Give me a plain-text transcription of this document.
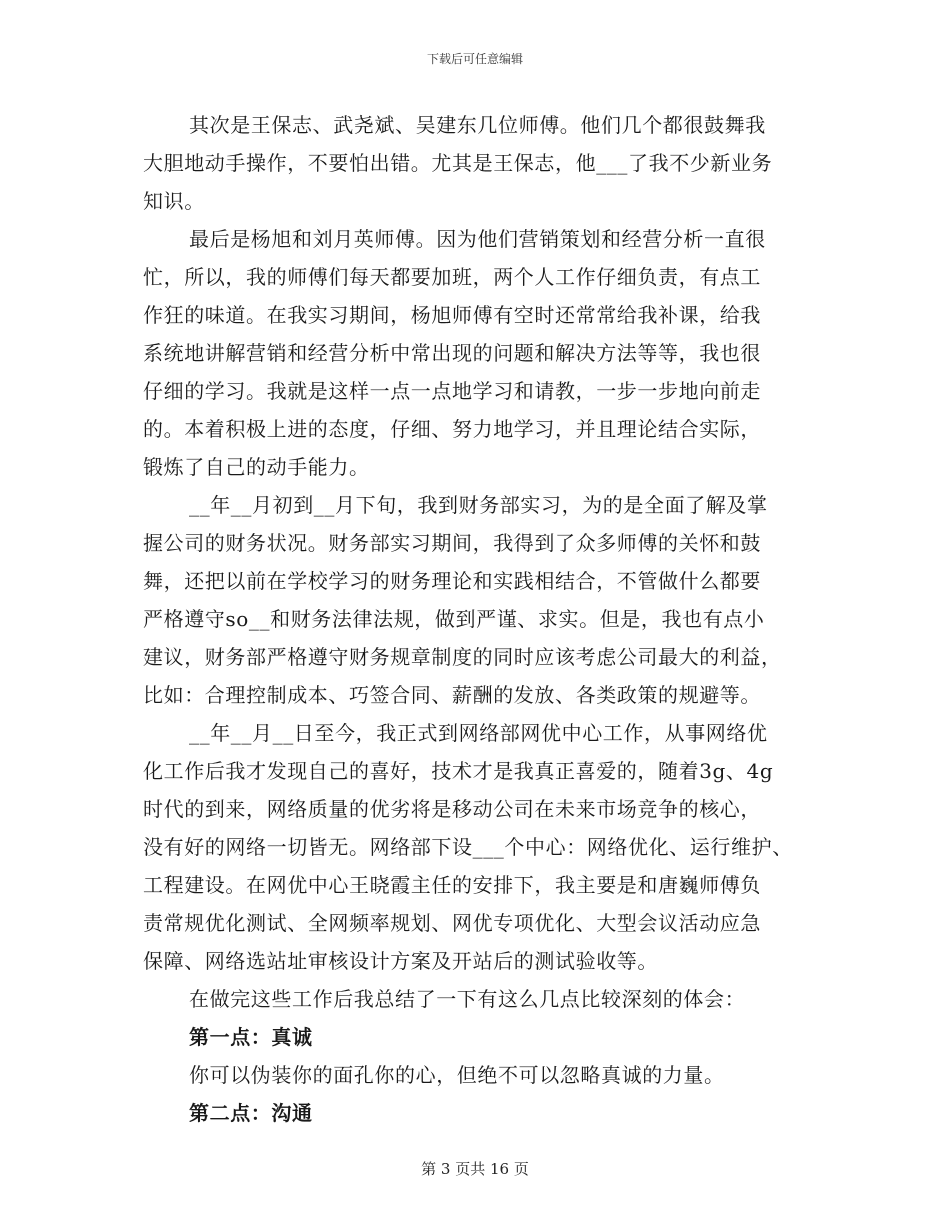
下载后可任意编辑
其次是王保志、武尧斌、吴建东几位师傅。他们几个都很鼓舞我
大胆地动手操作，不要怕出错。尤其是王保志，他___了我不少新业务
知识。
最后是杨旭和刘月英师傅。因为他们营销策划和经营分析一直很
忙，所以，我的师傅们每天都要加班，两个人工作仔细负责，有点工
作狂的味道。在我实习期间，杨旭师傅有空时还常常给我补课，给我
系统地讲解营销和经营分析中常出现的问题和解决方法等等，我也很
仔细的学习。我就是这样一点一点地学习和请教，一步一步地向前走
的。本着积极上进的态度，仔细、努力地学习，并且理论结合实际，
锻炼了自己的动手能力。
__年__月初到__月下旬，我到财务部实习，为的是全面了解及掌
握公司的财务状况。财务部实习期间，我得到了众多师傅的关怀和鼓
舞，还把以前在学校学习的财务理论和实践相结合，不管做什么都要
严格遵守so__和财务法律法规，做到严谨、求实。但是，我也有点小
建议，财务部严格遵守财务规章制度的同时应该考虑公司最大的利益，
比如：合理控制成本、巧签合同、薪酬的发放、各类政策的规避等。
__年__月__日至今，我正式到网络部网优中心工作，从事网络优
化工作后我才发现自己的喜好，技术才是我真正喜爱的，随着3g、4g
时代的到来，网络质量的优劣将是移动公司在未来市场竞争的核心，
没有好的网络一切皆无。网络部下设___个中心：网络优化、运行维护、
工程建设。在网优中心王晓霞主任的安排下，我主要是和唐巍师傅负
责常规优化测试、全网频率规划、网优专项优化、大型会议活动应急
保障、网络选站址审核设计方案及开站后的测试验收等。
在做完这些工作后我总结了一下有这么几点比较深刻的体会：
第一点：真诚
你可以伪装你的面孔你的心，但绝不可以忽略真诚的力量。
第二点：沟通
第 3 页共 16 页
